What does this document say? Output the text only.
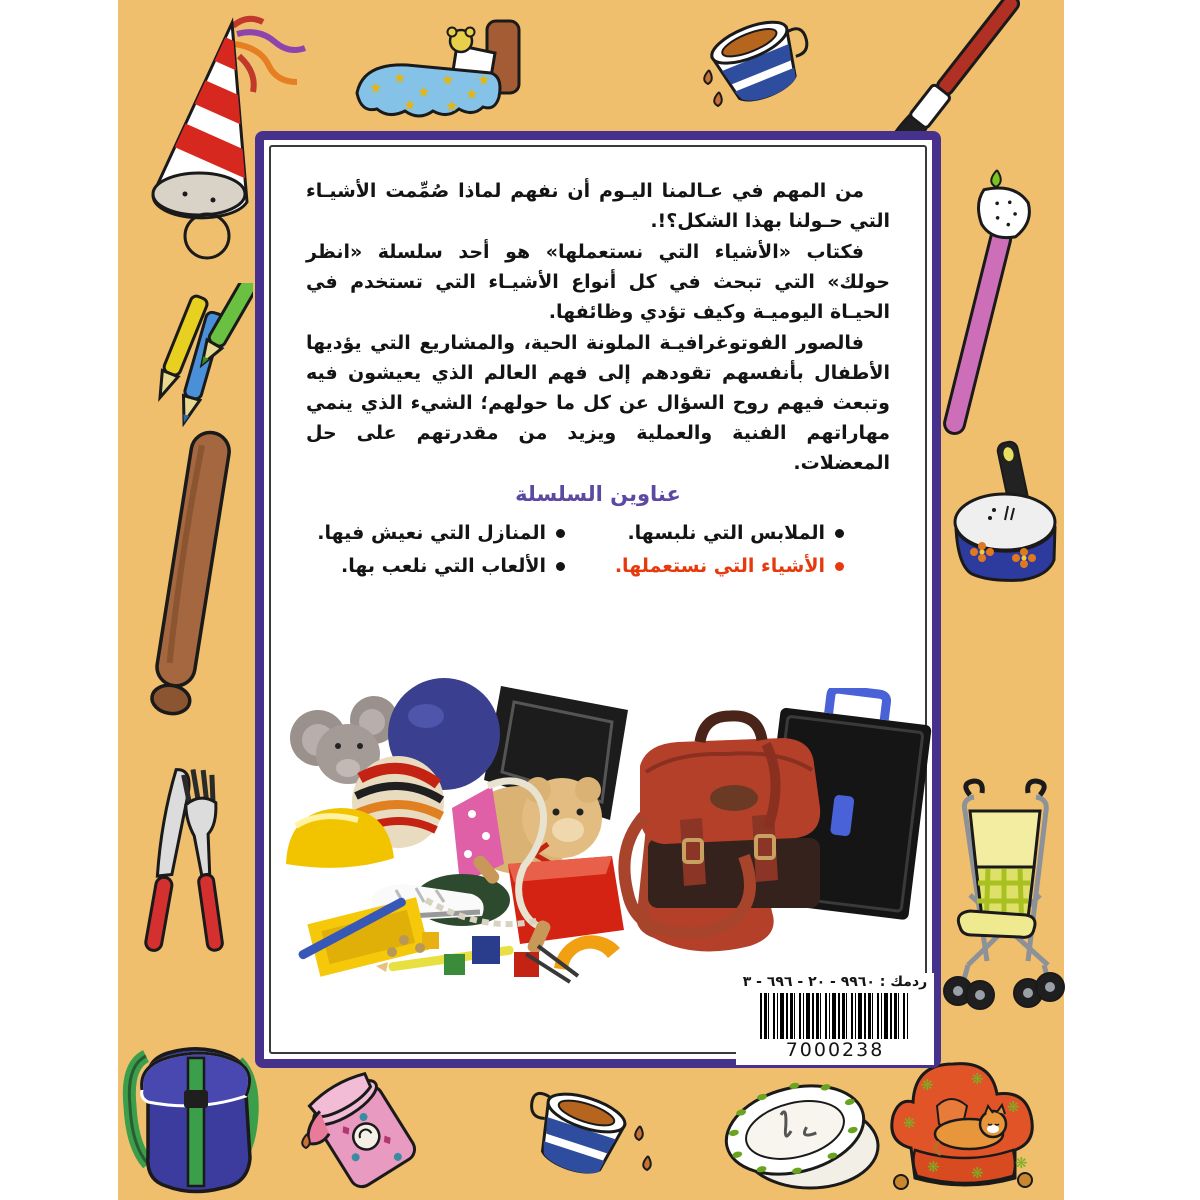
★
★
★
★
★
★ ★
★
❋ ❋
❋
❋
❋ ❋
❋

من المهم في عـالمنا اليـوم أن نفهم لماذا صُمِّمت الأشيـاء التي حـولنا بهذا الشكل؟!.

فكتاب «الأشياء التي نستعملها» هو أحد سلسلة «انظر حولك» التي تبحث في كل أنواع الأشيـاء التي تستخدم في الحيـاة اليوميـة وكيف تؤدي وظائفها.

فالصور الفوتوغرافيـة الملونة الحية، والمشاريع التي يؤديها الأطفال بأنفسهم تقودهم إلى فهم العالم الذي يعيشون فيه وتبعث فيهم روح السؤال عن كل ما حولهم؛ الشيء الذي ينمي مهاراتهم الفنية والعملية ويزيد من مقدرتهم على حل المعضلات.

عناوين السلسلة
الملابس التي نلبسها.
المنازل التي نعيش فيها.
الأشياء التي نستعملها.
الألعاب التي نلعب بها.
ردمك : ٩٩٦٠ - ٢٠ - ٦٩٦ - ٣
7000238
